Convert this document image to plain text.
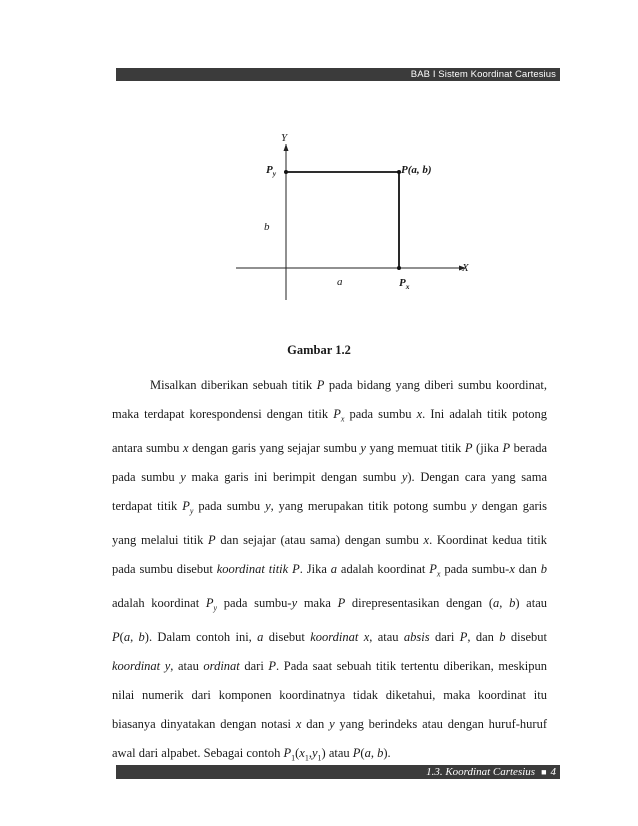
BAB I Sistem Koordinat Cartesius
Y
X
P(a, b)
$P_y$
$P_x$
a
b
Gambar 1.2
Misalkan diberikan sebuah titik P pada bidang yang diberi sumbu koordinat,
maka terdapat korespondensi dengan titik $P_x$ pada sumbu x. Ini adalah titik potong
antara sumbu x dengan garis yang sejajar sumbu y yang memuat titik P (jika P berada
pada sumbu y maka garis ini berimpit dengan sumbu y). Dengan cara yang sama
terdapat titik $P_y$ pada sumbu y, yang merupakan titik potong sumbu y dengan garis
yang melalui titik P dan sejajar (atau sama) dengan sumbu x. Koordinat kedua titik
pada sumbu disebut koordinat titik P. Jika a adalah koordinat $P_x$ pada sumbu-x dan b
adalah koordinat $P_y$ pada sumbu-y maka P direpresentasikan dengan (a, b) atau
P(a, b). Dalam contoh ini, a disebut koordinat x, atau absis dari P, dan b disebut
koordinat y, atau ordinat dari P. Pada saat sebuah titik tertentu diberikan, meskipun
nilai numerik dari komponen koordinatnya tidak diketahui, maka koordinat itu
biasanya dinyatakan dengan notasi x dan y yang berindeks atau dengan huruf-huruf
awal dari alpabet. Sebagai contoh $P_1(x_1,y_1)$ atau P(a, b).
1.3. Koordinat Cartesius ■ 4
